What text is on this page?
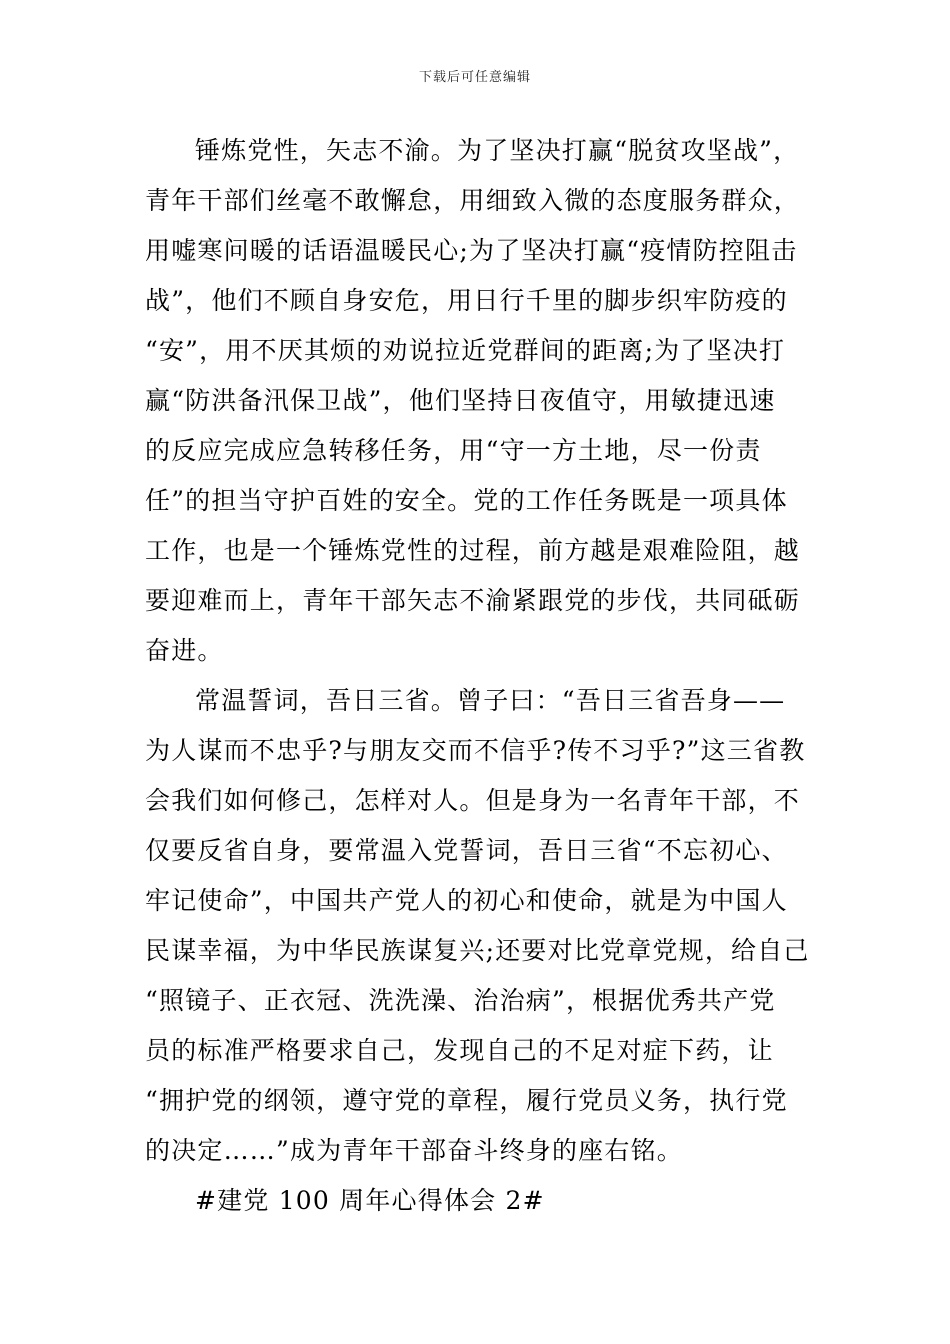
下载后可任意编辑
锤炼党性，矢志不渝。为了坚决打赢“脱贫攻坚战”，
青年干部们丝毫不敢懈怠，用细致入微的态度服务群众，
用嘘寒问暖的话语温暖民心;为了坚决打赢“疫情防控阻击
战”，他们不顾自身安危，用日行千里的脚步织牢防疫的
“安”，用不厌其烦的劝说拉近党群间的距离;为了坚决打
赢“防洪备汛保卫战”，他们坚持日夜值守，用敏捷迅速
的反应完成应急转移任务，用“守一方土地，尽一份责
任”的担当守护百姓的安全。党的工作任务既是一项具体
工作，也是一个锤炼党性的过程，前方越是艰难险阻，越
要迎难而上，青年干部矢志不渝紧跟党的步伐，共同砥砺
奋进。
常温誓词，吾日三省。曾子曰：“吾日三省吾身——
为人谋而不忠乎?与朋友交而不信乎?传不习乎?”这三省教
会我们如何修己，怎样对人。但是身为一名青年干部，不
仅要反省自身，要常温入党誓词，吾日三省“不忘初心、
牢记使命”，中国共产党人的初心和使命，就是为中国人
民谋幸福，为中华民族谋复兴;还要对比党章党规，给自己
“照镜子、正衣冠、洗洗澡、治治病”，根据优秀共产党
员的标准严格要求自己，发现自己的不足对症下药，让
“拥护党的纲领，遵守党的章程，履行党员义务，执行党
的决定……”成为青年干部奋斗终身的座右铭。
#建党 100 周年心得体会 2#
